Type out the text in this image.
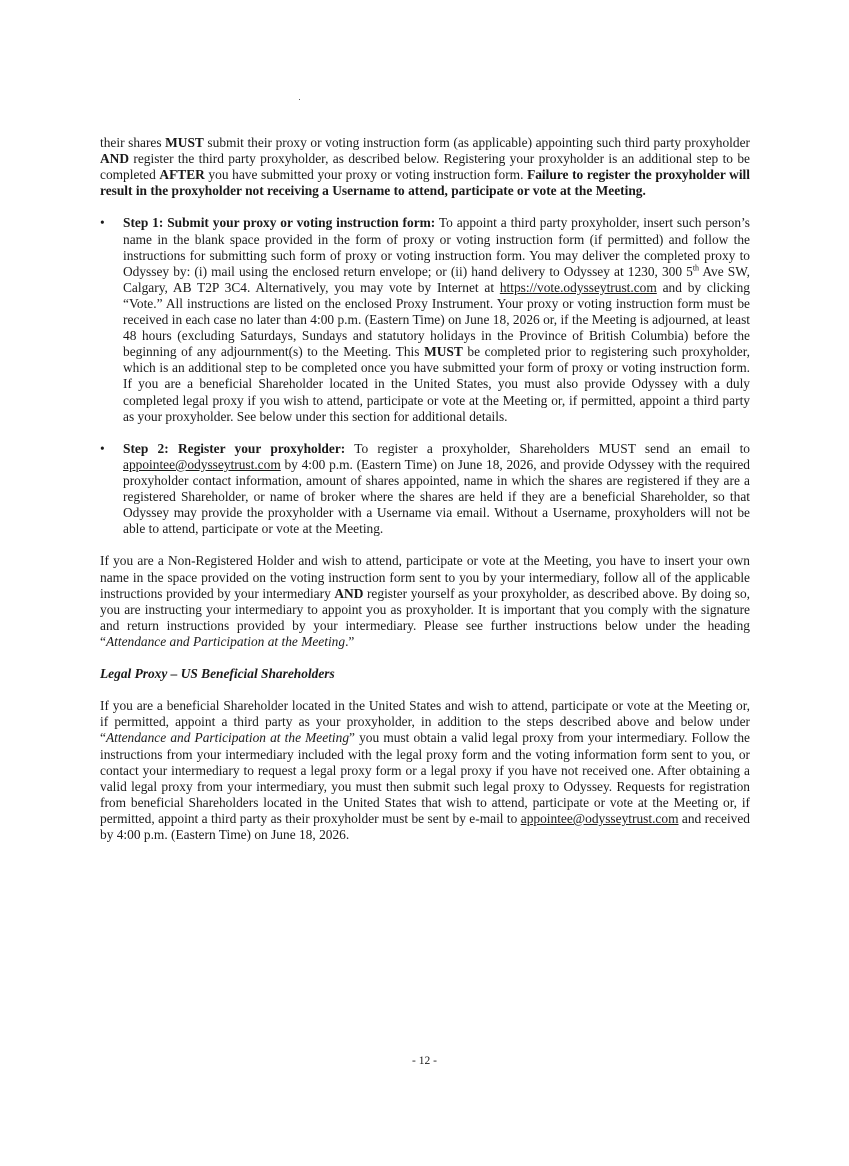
their shares MUST submit their proxy or voting instruction form (as applicable) appointing such third party proxyholder AND register the third party proxyholder, as described below. Registering your proxyholder is an additional step to be completed AFTER you have submitted your proxy or voting instruction form. Failure to register the proxyholder will result in the proxyholder not receiving a Username to attend, participate or vote at the Meeting.

• Step 1: Submit your proxy or voting instruction form: To appoint a third party proxyholder, insert such person’s name in the blank space provided in the form of proxy or voting instruction form (if permitted) and follow the instructions for submitting such form of proxy or voting instruction form. You may deliver the completed proxy to Odyssey by: (i) mail using the enclosed return envelope; or (ii) hand delivery to Odyssey at 1230, 300 5th Ave SW, Calgary, AB T2P 3C4. Alternatively, you may vote by Internet at https://vote.odysseytrust.com and by clicking “Vote.” All instructions are listed on the enclosed Proxy Instrument. Your proxy or voting instruction form must be received in each case no later than 4:00 p.m. (Eastern Time) on June 18, 2026 or, if the Meeting is adjourned, at least 48 hours (excluding Saturdays, Sundays and statutory holidays in the Province of British Columbia) before the beginning of any adjournment(s) to the Meeting. This MUST be completed prior to registering such proxyholder, which is an additional step to be completed once you have submitted your form of proxy or voting instruction form. If you are a beneficial Shareholder located in the United States, you must also provide Odyssey with a duly completed legal proxy if you wish to attend, participate or vote at the Meeting or, if permitted, appoint a third party as your proxyholder. See below under this section for additional details.
• Step 2: Register your proxyholder: To register a proxyholder, Shareholders MUST send an email to appointee@odysseytrust.com by 4:00 p.m. (Eastern Time) on June 18, 2026, and provide Odyssey with the required proxyholder contact information, amount of shares appointed, name in which the shares are registered if they are a registered Shareholder, or name of broker where the shares are held if they are a beneficial Shareholder, so that Odyssey may provide the proxyholder with a Username via email. Without a Username, proxyholders will not be able to attend, participate or vote at the Meeting.

If you are a Non-Registered Holder and wish to attend, participate or vote at the Meeting, you have to insert your own name in the space provided on the voting instruction form sent to you by your intermediary, follow all of the applicable instructions provided by your intermediary AND register yourself as your proxyholder, as described above. By doing so, you are instructing your intermediary to appoint you as proxyholder. It is important that you comply with the signature and return instructions provided by your intermediary. Please see further instructions below under the heading “Attendance and Participation at the Meeting.”

Legal Proxy – US Beneficial Shareholders

If you are a beneficial Shareholder located in the United States and wish to attend, participate or vote at the Meeting or, if permitted, appoint a third party as your proxyholder, in addition to the steps described above and below under “Attendance and Participation at the Meeting” you must obtain a valid legal proxy from your intermediary. Follow the instructions from your intermediary included with the legal proxy form and the voting information form sent to you, or contact your intermediary to request a legal proxy form or a legal proxy if you have not received one. After obtaining a valid legal proxy from your intermediary, you must then submit such legal proxy to Odyssey. Requests for registration from beneficial Shareholders located in the United States that wish to attend, participate or vote at the Meeting or, if permitted, appoint a third party as their proxyholder must be sent by e-mail to appointee@odysseytrust.com and received by 4:00 p.m. (Eastern Time) on June 18, 2026.

- 12 -
